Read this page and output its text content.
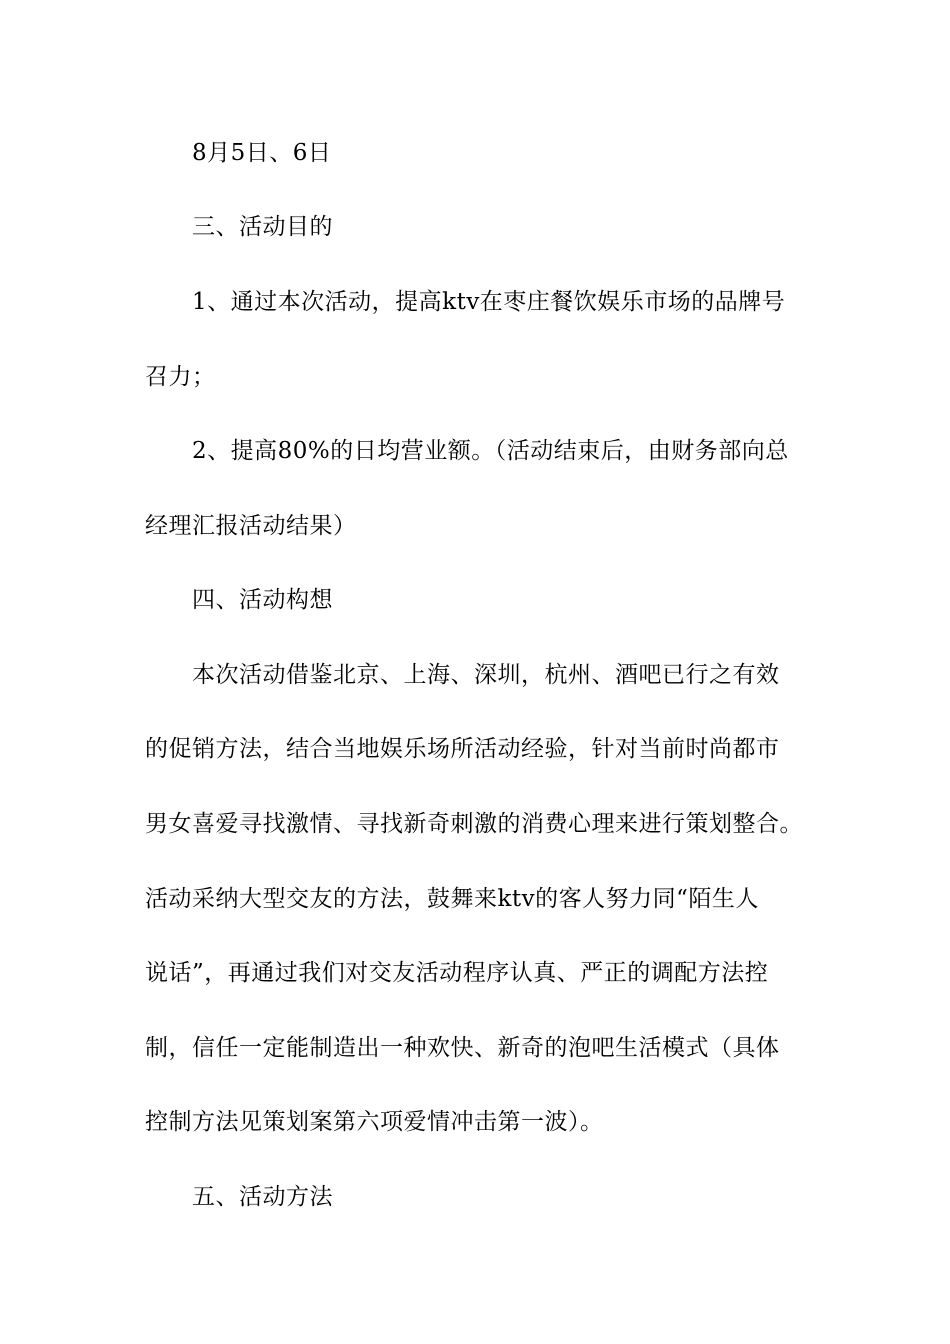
8月5日、6日
三、活动目的
1、通过本次活动，提高ktv在枣庄餐饮娱乐市场的品牌号
召力；
2、提高80%的日均营业额。（活动结束后，由财务部向总
经理汇报活动结果）
四、活动构想
本次活动借鉴北京、上海、深圳，杭州、酒吧已行之有效
的促销方法，结合当地娱乐场所活动经验，针对当前时尚都市
男女喜爱寻找激情、寻找新奇刺激的消费心理来进行策划整合。
活动采纳大型交友的方法，鼓舞来ktv的客人努力同“陌生人
说话”，再通过我们对交友活动程序认真、严正的调配方法控
制，信任一定能制造出一种欢快、新奇的泡吧生活模式（具体
控制方法见策划案第六项爱情冲击第一波）。
五、活动方法
